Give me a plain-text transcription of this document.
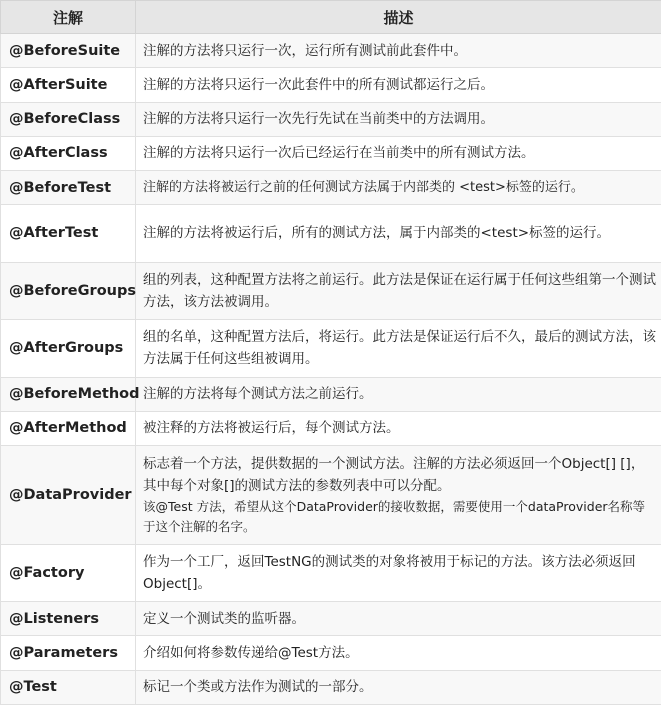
注解	描述
@BeforeSuite	注解的方法将只运行一次，运行所有测试前此套件中。
@AfterSuite	注解的方法将只运行一次此套件中的所有测试都运行之后。
@BeforeClass	注解的方法将只运行一次先行先试在当前类中的方法调用。
@AfterClass	注解的方法将只运行一次后已经运行在当前类中的所有测试方法。
@BeforeTest	注解的方法将被运行之前的任何测试方法属于内部类的 <test>标签的运行。
@AfterTest	注解的方法将被运行后，所有的测试方法，属于内部类的<test>标签的运行。
@BeforeGroups	组的列表，这种配置方法将之前运行。此方法是保证在运行属于任何这些组第一个测试方法，该方法被调用。
@AfterGroups	组的名单，这种配置方法后，将运行。此方法是保证运行后不久，最后的测试方法，该方法属于任何这些组被调用。
@BeforeMethod	注解的方法将每个测试方法之前运行。
@AfterMethod	被注释的方法将被运行后，每个测试方法。
@DataProvider	标志着一个方法，提供数据的一个测试方法。注解的方法必须返回一个Object[] []，其中每个对象[]的测试方法的参数列表中可以分配。
该@Test 方法，希望从这个DataProvider的接收数据，需要使用一个dataProvider名称等于这个注解的名字。

@Factory	作为一个工厂，返回TestNG的测试类的对象将被用于标记的方法。该方法必须返回Object[]。
@Listeners	定义一个测试类的监听器。
@Parameters	介绍如何将参数传递给@Test方法。
@Test	标记一个类或方法作为测试的一部分。
